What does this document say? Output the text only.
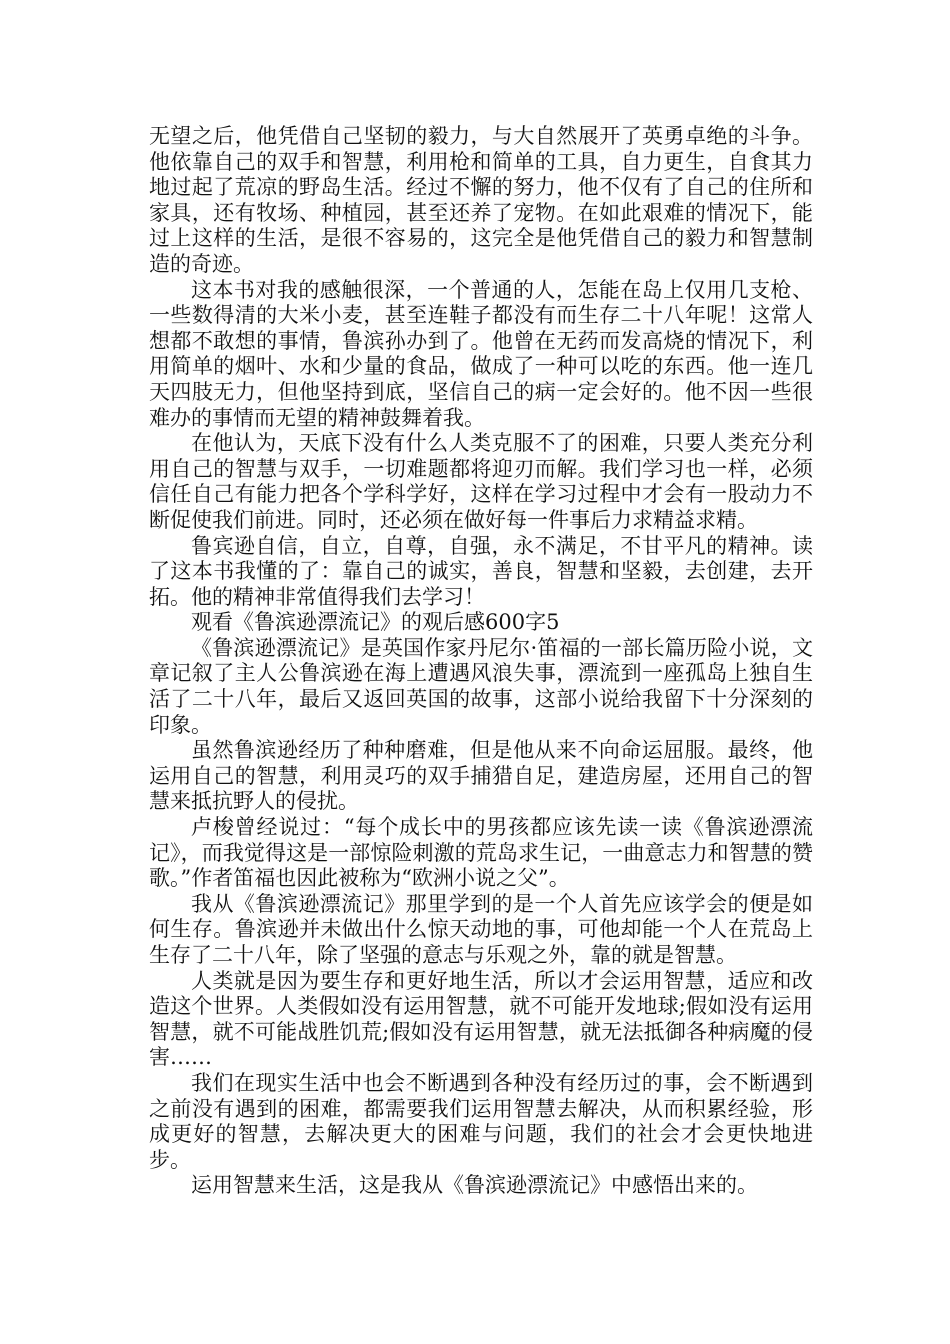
无望之后，他凭借自己坚韧的毅力，与大自然展开了英勇卓绝的斗争。他依靠自己的双手和智慧，利用枪和简单的工具，自力更生，自食其力地过起了荒凉的野岛生活。经过不懈的努力，他不仅有了自己的住所和家具，还有牧场、种植园，甚至还养了宠物。在如此艰难的情况下，能过上这样的生活，是很不容易的，这完全是他凭借自己的毅力和智慧制造的奇迹。

这本书对我的感触很深，一个普通的人，怎能在岛上仅用几支枪、一些数得清的大米小麦，甚至连鞋子都没有而生存二十八年呢！这常人想都不敢想的事情，鲁滨孙办到了。他曾在无药而发高烧的情况下，利用简单的烟叶、水和少量的食品，做成了一种可以吃的东西。他一连几天四肢无力，但他坚持到底，坚信自己的病一定会好的。他不因一些很难办的事情而无望的精神鼓舞着我。

在他认为，天底下没有什么人类克服不了的困难，只要人类充分利用自己的智慧与双手，一切难题都将迎刃而解。我们学习也一样，必须信任自己有能力把各个学科学好，这样在学习过程中才会有一股动力不断促使我们前进。同时，还必须在做好每一件事后力求精益求精。

鲁宾逊自信，自立，自尊，自强，永不满足，不甘平凡的精神。读了这本书我懂的了：靠自己的诚实，善良，智慧和坚毅，去创建，去开拓。他的精神非常值得我们去学习！

观看《鲁滨逊漂流记》的观后感600字5

《鲁滨逊漂流记》是英国作家丹尼尔·笛福的一部长篇历险小说，文章记叙了主人公鲁滨逊在海上遭遇风浪失事，漂流到一座孤岛上独自生活了二十八年，最后又返回英国的故事，这部小说给我留下十分深刻的印象。

虽然鲁滨逊经历了种种磨难，但是他从来不向命运屈服。最终，他运用自己的智慧，利用灵巧的双手捕猎自足，建造房屋，还用自己的智慧来抵抗野人的侵扰。

卢梭曾经说过：“每个成长中的男孩都应该先读一读《鲁滨逊漂流记》，而我觉得这是一部惊险刺激的荒岛求生记，一曲意志力和智慧的赞歌。”作者笛福也因此被称为“欧洲小说之父”。

我从《鲁滨逊漂流记》那里学到的是一个人首先应该学会的便是如何生存。鲁滨逊并未做出什么惊天动地的事，可他却能一个人在荒岛上生存了二十八年，除了坚强的意志与乐观之外，靠的就是智慧。

人类就是因为要生存和更好地生活，所以才会运用智慧，适应和改造这个世界。人类假如没有运用智慧，就不可能开发地球;假如没有运用智慧，就不可能战胜饥荒;假如没有运用智慧，就无法抵御各种病魔的侵害……

我们在现实生活中也会不断遇到各种没有经历过的事，会不断遇到之前没有遇到的困难，都需要我们运用智慧去解决，从而积累经验，形成更好的智慧，去解决更大的困难与问题，我们的社会才会更快地进步。

运用智慧来生活，这是我从《鲁滨逊漂流记》中感悟出来的。
